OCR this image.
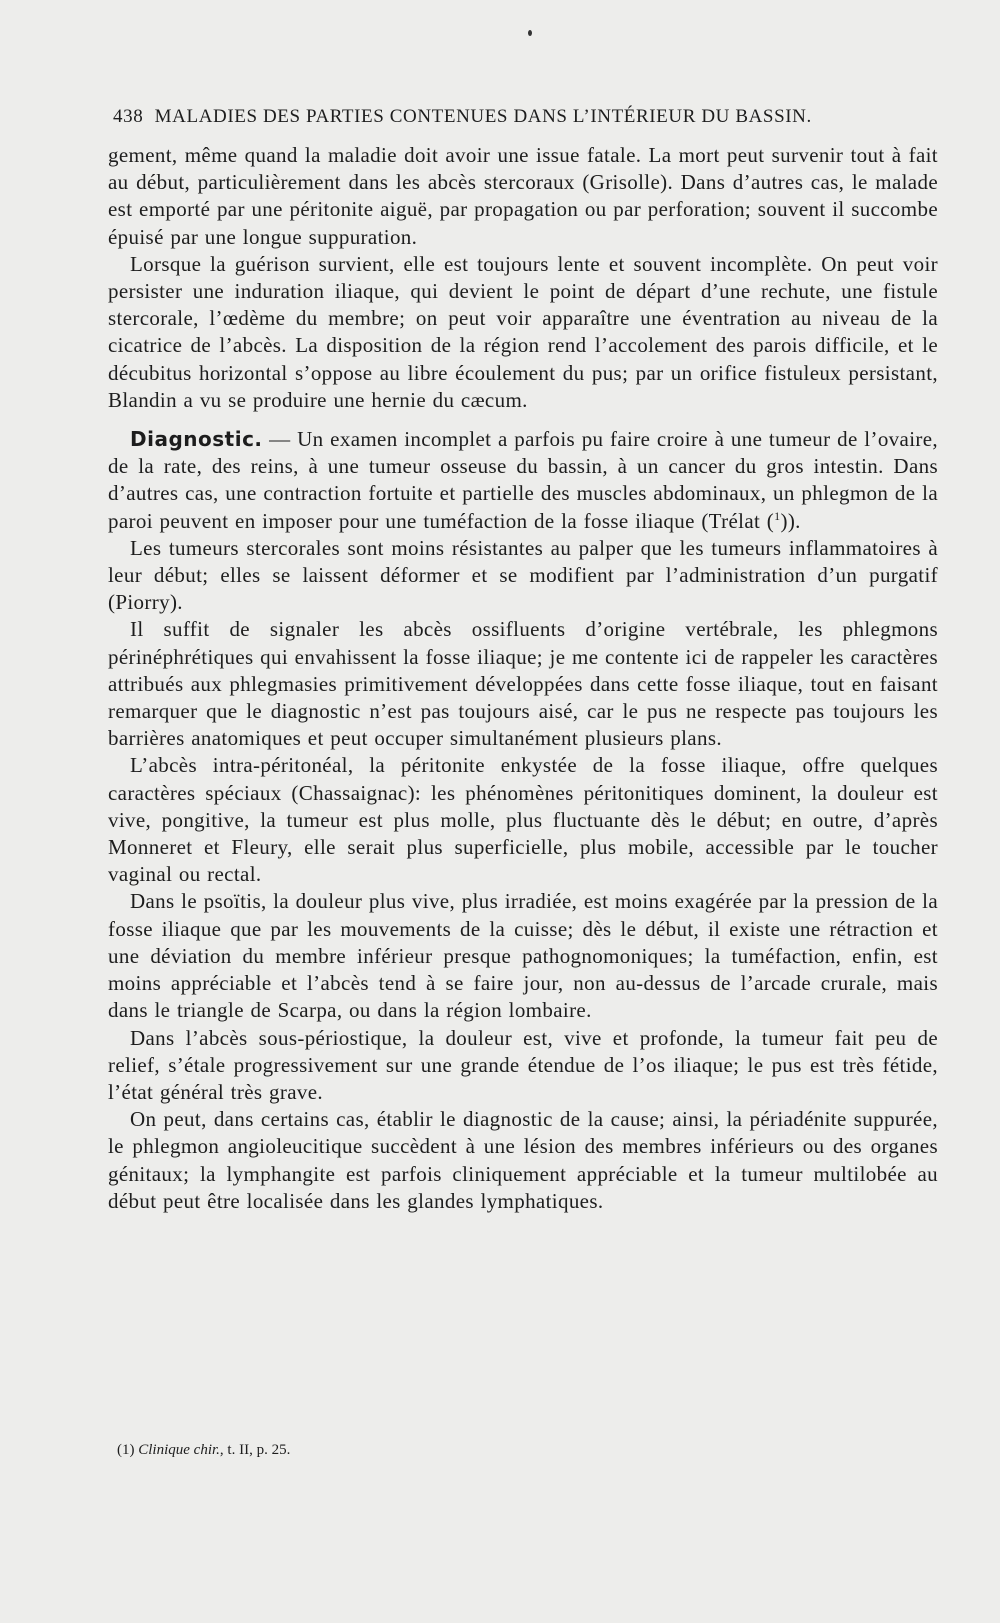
438 MALADIES DES PARTIES CONTENUES DANS L’INTÉRIEUR DU BASSIN.

gement, même quand la maladie doit avoir une issue fatale. La mort peut survenir tout à fait au début, particulièrement dans les abcès stercoraux (Grisolle). Dans d’autres cas, le malade est emporté par une péritonite aiguë, par propagation ou par perforation; souvent il succombe épuisé par une longue suppuration.

Lorsque la guérison survient, elle est toujours lente et souvent incomplète. On peut voir persister une induration iliaque, qui devient le point de départ d’une rechute, une fistule stercorale, l’œdème du membre; on peut voir apparaître une éventration au niveau de la cicatrice de l’abcès. La disposition de la région rend l’accolement des parois difficile, et le décubitus horizontal s’oppose au libre écoulement du pus; par un orifice fistuleux persistant, Blandin a vu se produire une hernie du cæcum.

Diagnostic. — Un examen incomplet a parfois pu faire croire à une tumeur de l’ovaire, de la rate, des reins, à une tumeur osseuse du bassin, à un cancer du gros intestin. Dans d’autres cas, une contraction fortuite et partielle des muscles abdominaux, un phlegmon de la paroi peuvent en imposer pour une tuméfaction de la fosse iliaque (Trélat ($^1$)).

Les tumeurs stercorales sont moins résistantes au palper que les tumeurs inflammatoires à leur début; elles se laissent déformer et se modifient par l’administration d’un purgatif (Piorry).

Il suffit de signaler les abcès ossifluents d’origine vertébrale, les phlegmons périnéphrétiques qui envahissent la fosse iliaque; je me contente ici de rappeler les caractères attribués aux phlegmasies primitivement développées dans cette fosse iliaque, tout en faisant remarquer que le diagnostic n’est pas toujours aisé, car le pus ne respecte pas toujours les barrières anatomiques et peut occuper simultanément plusieurs plans.

L’abcès intra-péritonéal, la péritonite enkystée de la fosse iliaque, offre quelques caractères spéciaux (Chassaignac): les phénomènes péritonitiques dominent, la douleur est vive, pongitive, la tumeur est plus molle, plus fluctuante dès le début; en outre, d’après Monneret et Fleury, elle serait plus superficielle, plus mobile, accessible par le toucher vaginal ou rectal.

Dans le psoïtis, la douleur plus vive, plus irradiée, est moins exagérée par la pression de la fosse iliaque que par les mouvements de la cuisse; dès le début, il existe une rétraction et une déviation du membre inférieur presque pathognomoniques; la tuméfaction, enfin, est moins appréciable et l’abcès tend à se faire jour, non au-dessus de l’arcade crurale, mais dans le triangle de Scarpa, ou dans la région lombaire.

Dans l’abcès sous-périostique, la douleur est, vive et profonde, la tumeur fait peu de relief, s’étale progressivement sur une grande étendue de l’os iliaque; le pus est très fétide, l’état général très grave.

On peut, dans certains cas, établir le diagnostic de la cause; ainsi, la périadénite suppurée, le phlegmon angioleucitique succèdent à une lésion des membres inférieurs ou des organes génitaux; la lymphangite est parfois cliniquement appréciable et la tumeur multilobée au début peut être localisée dans les glandes lymphatiques.

(1) Clinique chir., t. II, p. 25.
